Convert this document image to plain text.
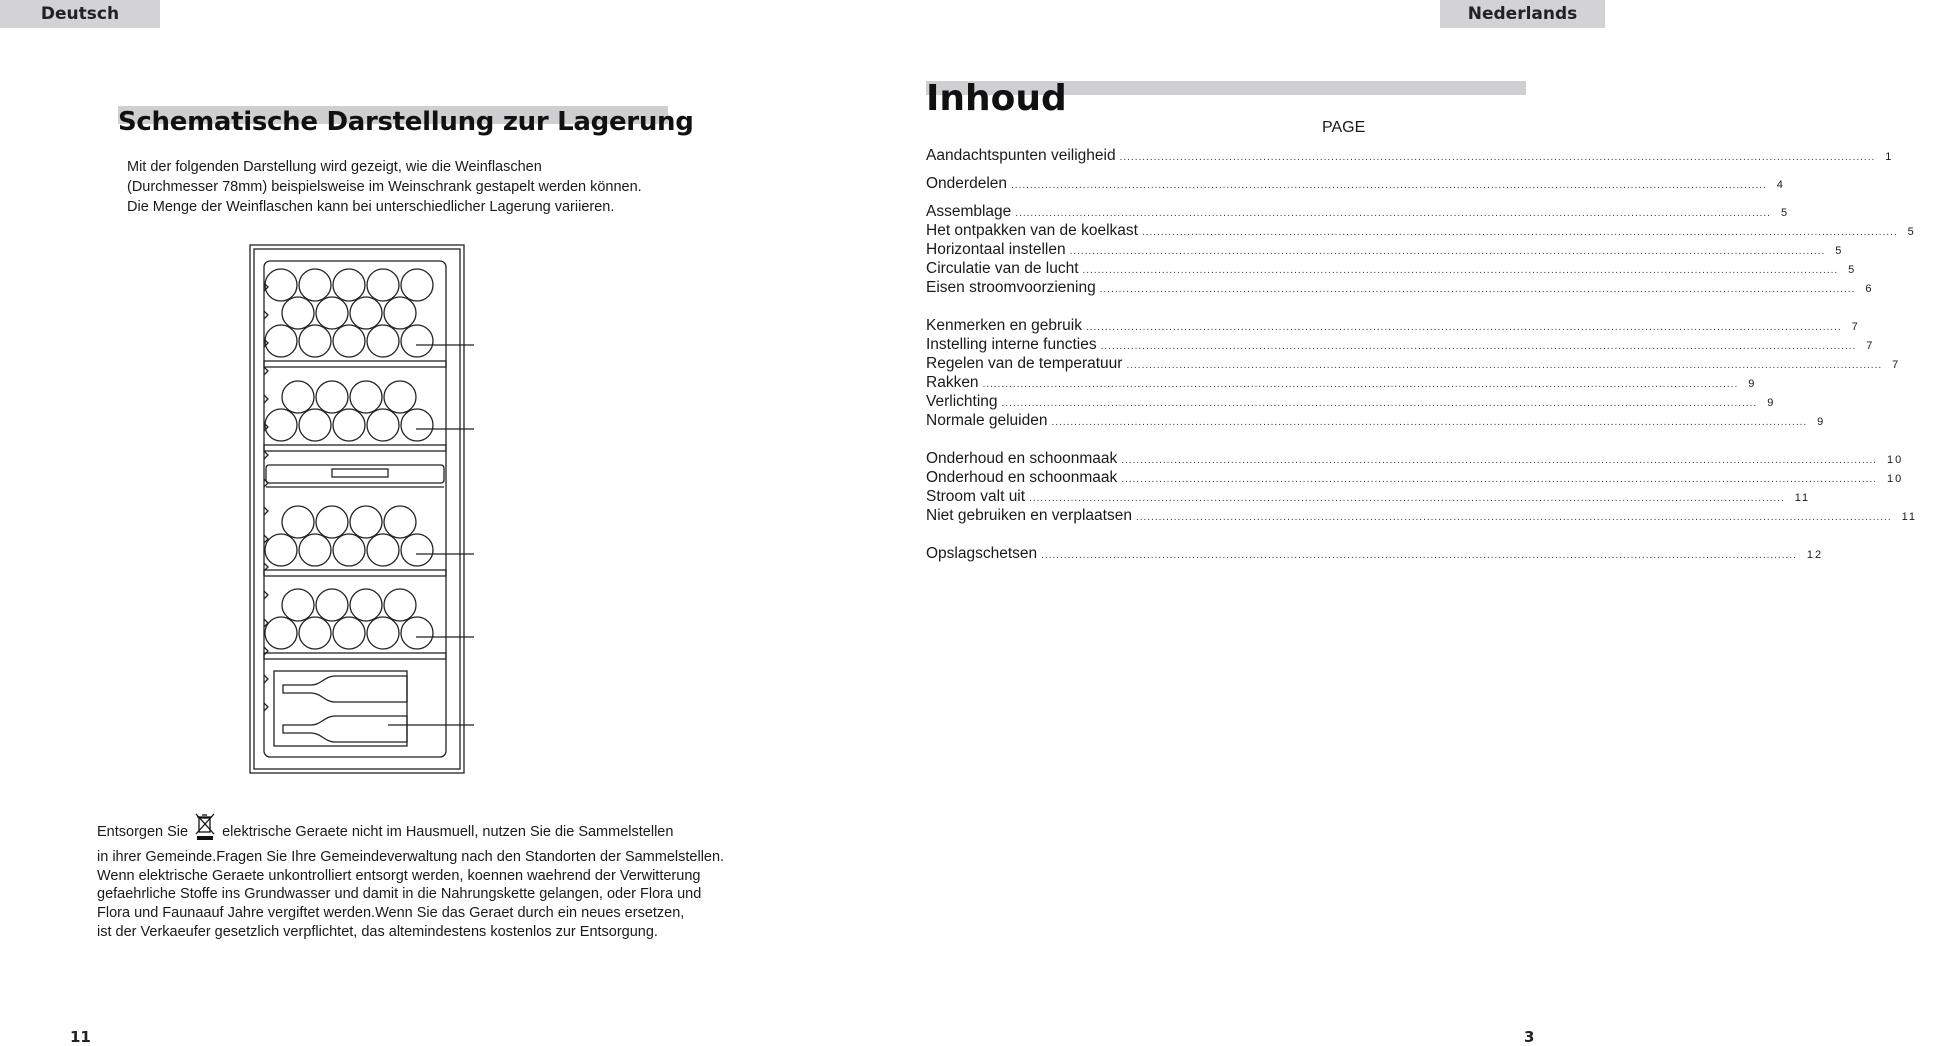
Deutsch	Nederlands
Schematische Darstellung zur Lagerung

Mit der folgenden Darstellung wird gezeigt, wie die Weinflaschen

(Durchmesser 78mm) beispielsweise im Weinschrank gestapelt werden können.

Die Menge der Weinflaschen kann bei unterschiedlicher Lagerung variieren.

Entsorgen Sie elektrische Geraete nicht im Hausmuell, nutzen Sie die Sammelstellen

in ihrer Gemeinde.Fragen Sie Ihre Gemeindeverwaltung nach den Standorten der Sammelstellen.

Wenn elektrische Geraete unkontrolliert entsorgt werden, koennen waehrend der Verwitterung

gefaehrliche Stoffe ins Grundwasser und damit in die Nahrungskette gelangen, oder Flora und

Flora und Faunaauf Jahre vergiftet werden.Wenn Sie das Geraet durch ein neues ersetzen,

ist der Verkaeufer gesetzlich verpflichtet, das altemindestens kostenlos zur Entsorgung.

11
Inhoud
PAGE
Aandachtspunten veiligheid ........................................................................................................................................................................................................ 1
Onderdelen ........................................................................................................................................................................................................ 4
Assemblage ........................................................................................................................................................................................................ 5
Het ontpakken van de koelkast ........................................................................................................................................................................................................ 5
Horizontaal instellen ........................................................................................................................................................................................................ 5
Circulatie van de lucht ........................................................................................................................................................................................................ 5
Eisen stroomvoorziening ........................................................................................................................................................................................................ 6
Kenmerken en gebruik ........................................................................................................................................................................................................ 7
Instelling interne functies ........................................................................................................................................................................................................ 7
Regelen van de temperatuur ........................................................................................................................................................................................................ 7
Rakken ........................................................................................................................................................................................................ 9
Verlichting ........................................................................................................................................................................................................ 9
Normale geluiden ........................................................................................................................................................................................................ 9
Onderhoud en schoonmaak ........................................................................................................................................................................................................ 10
Onderhoud en schoonmaak ........................................................................................................................................................................................................ 10
Stroom valt uit ........................................................................................................................................................................................................ 11
Niet gebruiken en verplaatsen ........................................................................................................................................................................................................ 11
Opslagschetsen ........................................................................................................................................................................................................ 12
3
